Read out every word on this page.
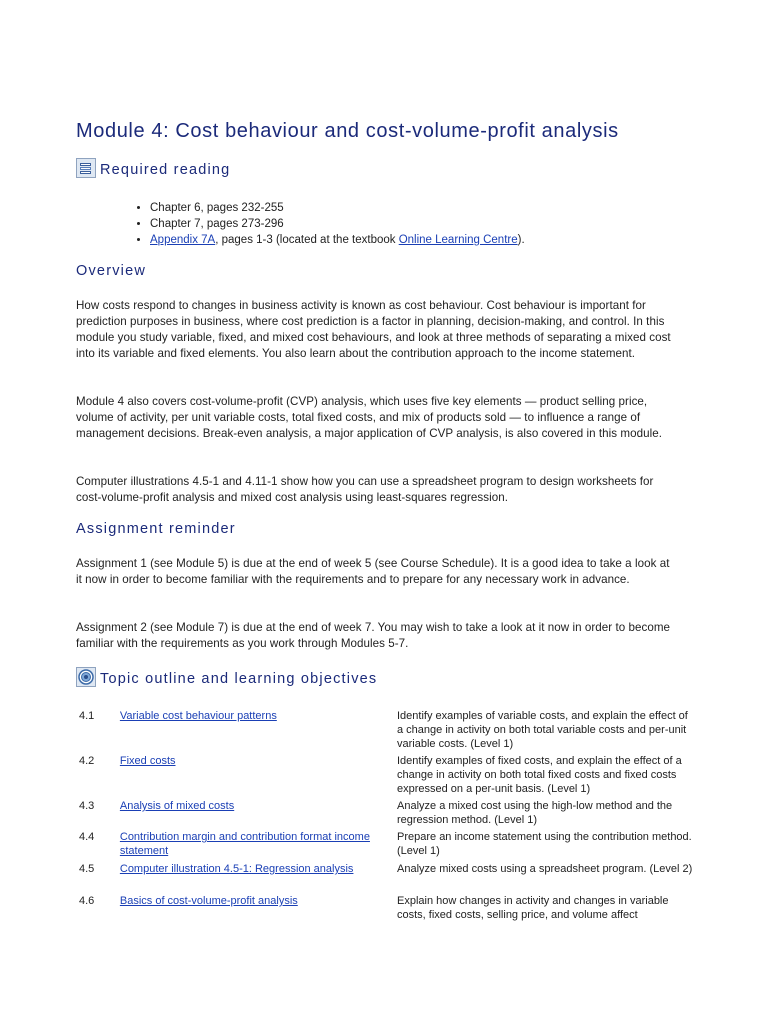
Module 4: Cost behaviour and cost-volume-profit analysis
Required reading
• Chapter 6, pages 232-255
• Chapter 7, pages 273-296
• Appendix 7A, pages 1-3 (located at the textbook Online Learning Centre).
Overview

How costs respond to changes in business activity is known as cost behaviour. Cost behaviour is important for prediction purposes in business, where cost prediction is a factor in planning, decision-making, and control. In this module you study variable, fixed, and mixed cost behaviours, and look at three methods of separating a mixed cost into its variable and fixed elements. You also learn about the contribution approach to the income statement.

Module 4 also covers cost-volume-profit (CVP) analysis, which uses five key elements — product selling price, volume of activity, per unit variable costs, total fixed costs, and mix of products sold — to influence a range of management decisions. Break-even analysis, a major application of CVP analysis, is also covered in this module.

Computer illustrations 4.5-1 and 4.11-1 show how you can use a spreadsheet program to design worksheets for cost-volume-profit analysis and mixed cost analysis using least-squares regression.

Assignment reminder

Assignment 1 (see Module 5) is due at the end of week 5 (see Course Schedule). It is a good idea to take a look at it now in order to become familiar with the requirements and to prepare for any necessary work in advance.

Assignment 2 (see Module 7) is due at the end of week 7. You may wish to take a look at it now in order to become familiar with the requirements as you work through Modules 5-7.

Topic outline and learning objectives
4.1	Variable cost behaviour patterns	Identify examples of variable costs, and explain the effect of a change in activity on both total variable costs and per-unit variable costs. (Level 1)
4.2	Fixed costs	Identify examples of fixed costs, and explain the effect of a change in activity on both total fixed costs and fixed costs expressed on a per-unit basis. (Level 1)
4.3	Analysis of mixed costs	Analyze a mixed cost using the high-low method and the regression method. (Level 1)
4.4	Contribution margin and contribution format income statement	Prepare an income statement using the contribution method. (Level 1)
4.5	Computer illustration 4.5-1: Regression analysis	Analyze mixed costs using a spreadsheet program. (Level 2)
4.6	Basics of cost-volume-profit analysis	Explain how changes in activity and changes in variable costs, fixed costs, selling price, and volume affect
